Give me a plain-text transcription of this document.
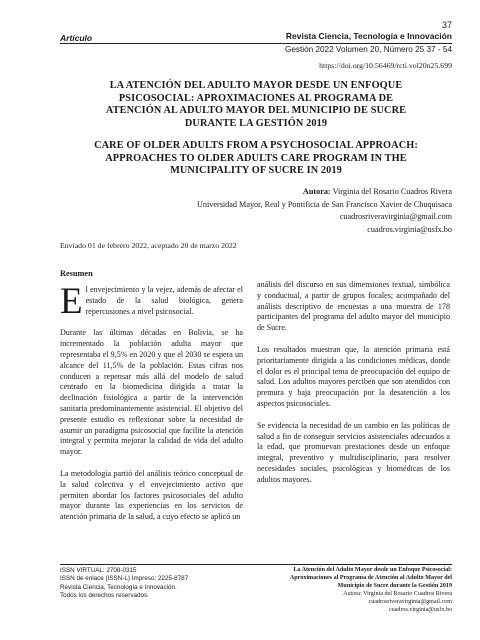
37
Artículo	Revista Ciencia, Tecnología e Innovación
Gestión 2022 Volumen 20, Número 25 37 - 54
https://doi.org/10.56469/rcti.vol20n25.699
LA ATENCIÓN DEL ADULTO MAYOR DESDE UN ENFOQUE
PSICOSOCIAL: APROXIMACIONES AL PROGRAMA DE
ATENCIÓN AL ADULTO MAYOR DEL MUNICIPIO DE SUCRE
DURANTE LA GESTIÓN 2019
CARE OF OLDER ADULTS FROM A PSYCHOSOCIAL APPROACH:
APPROACHES TO OLDER ADULTS CARE PROGRAM IN THE
MUNICIPALITY OF SUCRE IN 2019
Autora: Virginia del Rosario Cuadros Rivera
Universidad Mayor, Real y Pontificia de San Francisco Xavier de Chuquisaca
cuadrosriveravirginia@gmail.com
cuadros.virginia@usfx.bo
Enviado 01 de febrero 2022, aceptado 20 de marzo 2022
Resumen

El envejecimiento y la vejez, además de afectar el estado de la salud biológica, genera repercusiones a nivel psicosocial.

Durante las últimas décadas en Bolivia, se ha incrementado la población adulta mayor que representaba el 9,5% en 2020 y que el 2030 se espera un alcance del 11,5% de la población. Estas cifras nos conducen a repensar más allá del modelo de salud centrado en la biomedicina dirigida a tratar la declinación fisiológica a partir de la intervención sanitaria predominantemente asistencial. El objetivo del presente estudio es reflexionar sobre la necesidad de asumir un paradigma psicosocial que facilite la atención integral y permita mejorar la calidad de vida del adulto mayor.

La metodología partió del análisis teórico conceptual de la salud colectiva y el envejecimiento activo que permiten abordar los factores psicosociales del adulto mayor durante las experiencias en los servicios de atención primaria de la salud, a cuyo efecto se aplicó un

análisis del discurso en sus dimensiones textual, simbólica y conductual, a partir de grupos focales; acompañado del análisis descriptivo de encuestas a una muestra de 178 participantes del programa del adulto mayor del municipio de Sucre.

Los resultados muestran que, la atención primaria está prioritariamente dirigida a las condiciones médicas, donde el dolor es el principal tema de preocupación del equipo de salud. Los adultos mayores perciben que son atendidos con premura y baja preocupación por la desatención a los aspectos psicosociales.

Se evidencia la necesidad de un cambio en las políticas de salud a fin de conseguir servicios asistenciales adecuados a la edad, que promuevan prestaciones desde un enfoque integral, preventivo y multidisciplinario, para resolver necesidades sociales, psicológicas y biomédicas de los adultos mayores.

ISSN VIRTUAL: 2708-0315
ISSN de enlace (ISSN-L) Impreso: 2225-8787
Revista Ciencia, Tecnología e Innovación.
Todos los derechos reservados.
La Atención del Adulto Mayor desde un Enfoque Psicosocial:
Aproximaciones al Programa de Atención al Adulto Mayor del
Municipio de Sucre durante la Gestión 2019
Autora: Virginia del Rosario Cuadros Rivera
cuadrosriveravirginia@gmail.com
cuadros.virginia@usfx.bo
